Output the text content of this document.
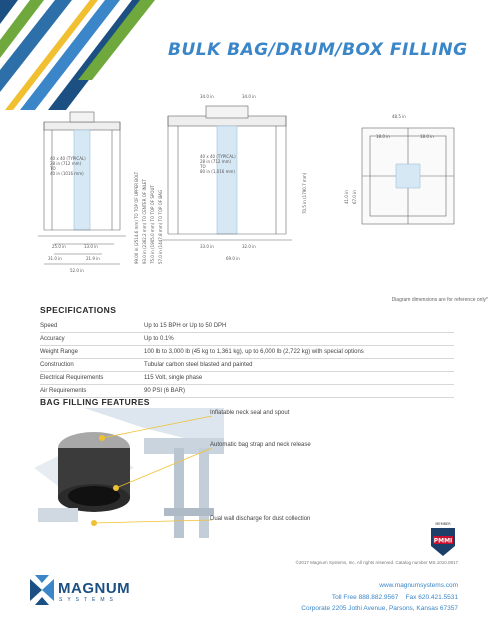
BULK BAG/DRUM/BOX FILLING
40 x 40 (TYPICAL)
28 in (712 mm)
TO
40 in (1016 mm)
25.0 in	13.0 in
31.0 in	21.9 in
52.0 in
99.00 in (2514.6 mm) TO TOP OF UPPER BOLT 93.0 in (2362.2 mm) TO CENTER OF INLET 75.0 in (1905.0 mm) TO TOP OF SPOUT 57.0 in (1447.8 mm) TO TOP OF BAG
34.0 in	34.0 in
40 x 40 (TYPICAL)
28 in (712 mm)
TO
80 in (1,016 mm)
70.5 in (1790.7 mm)
33.0 in	32.0 in
69.0 in
48.5 in
18.0 in	18.0 in
41.0 in 67.0 in
Diagram dimensions are for reference only*
SPECIFICATIONS
Speed	Up to 15 BPH or Up to 50 DPH
Accuracy	Up to 0.1%
Weight Range	100 lb to 3,000 lb (45 kg to 1,361 kg), up to 6,000 lb (2,722 kg) with special options
Construction	Tubular carbon steel blasted and painted
Electrical Requirements	115 Volt, single phase
Air Requirements	90 PSI (6 BAR)
BAG FILLING FEATURES
Inflatable neck seal and spout
Automatic bag strap and neck release
Dual wall discharge for dust collection
MEMBER
PMMI
©2017 Magnum Systems, Inc. All rights reserved. Catalog number MS.1010.0817
MAGNUM
SYSTEMS
www.magnumsystems.com
Toll Free 888.882.9567 Fax 620.421.5531
Corporate 2205 Jothi Avenue, Parsons, Kansas 67357
